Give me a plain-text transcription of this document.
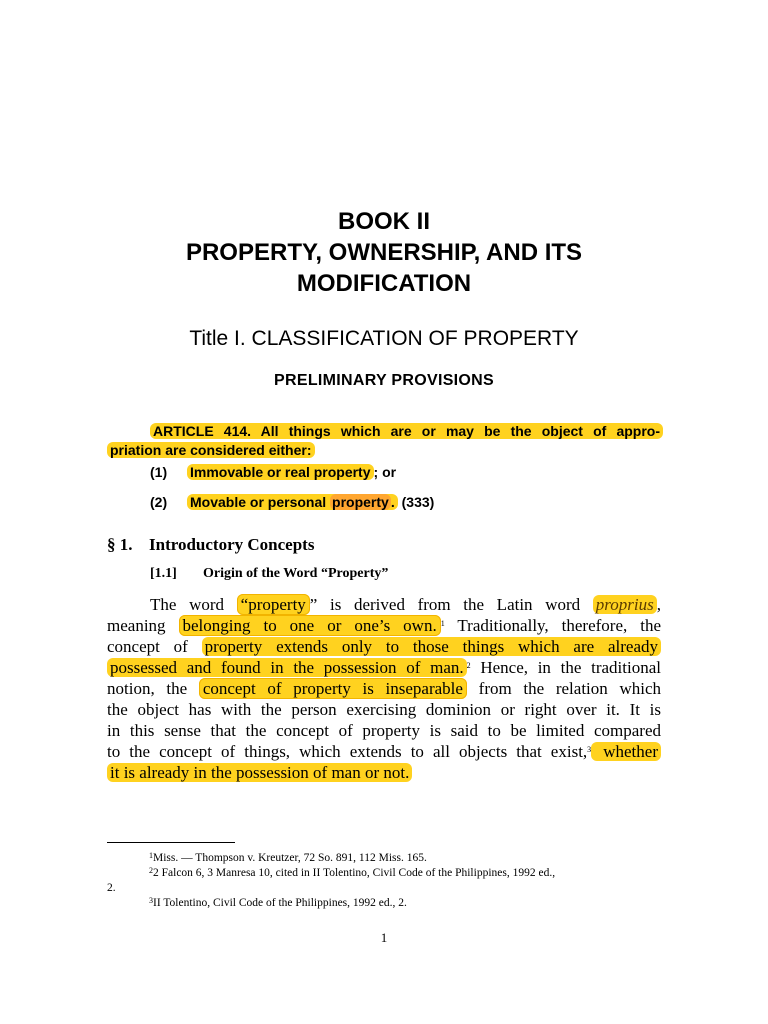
BOOK II
PROPERTY, OWNERSHIP, AND ITS
MODIFICATION
Title I. CLASSIFICATION OF PROPERTY
PRELIMINARY PROVISIONS
ARTICLE 414. All things which are or may be the object of appro-
priation are considered either:
(1) Immovable or real property ; or
(2) Movable or personal property . (333)
§ 1. Introductory Concepts
[1.1] Origin of the Word “Property”
The word “property ” is derived from the Latin word proprius ,
meaning belonging to one or one’s own. $^1$ Traditionally, therefore, the
concept of property extends only to those things which are already
possessed and found in the possession of man. $^2$ Hence, in the traditional
notion, the concept of property is inseparable from the relation which
the object has with the person exercising dominion or right over it. It is
in this sense that the concept of property is said to be limited compared
to the concept of things, which extends to all objects that exist,$^3$ whether
it is already in the possession of man or not.
$^1$Miss. — Thompson v. Kreutzer, 72 So. 891, 112 Miss. 165.
$^2$2 Falcon 6, 3 Manresa 10, cited in II Tolentino, Civil Code of the Philippines, 1992 ed.,
2.
$^3$II Tolentino, Civil Code of the Philippines, 1992 ed., 2.
1
